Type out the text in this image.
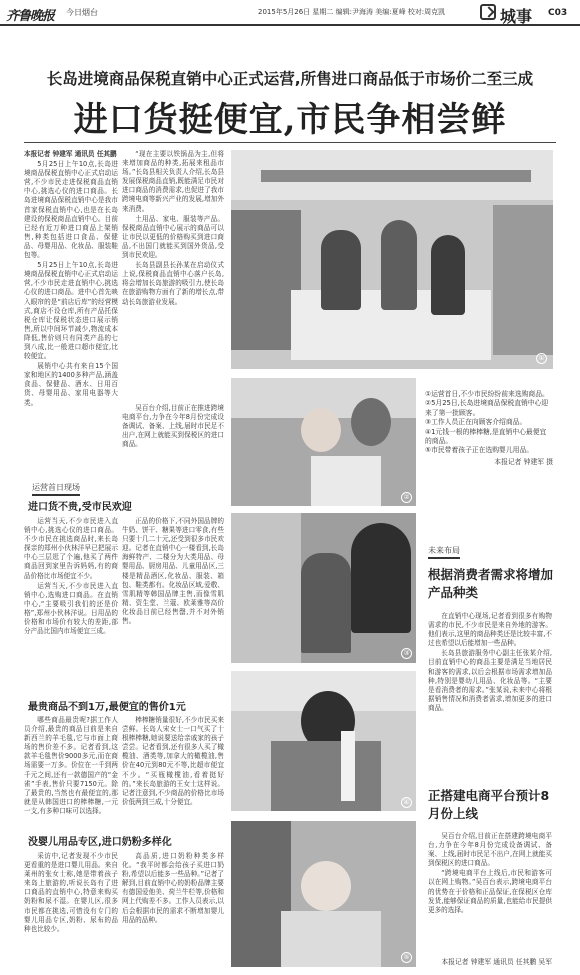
齐鲁晚报 今日烟台	2015年5月26日 星期二 编辑:尹海涛 美编:夏峰 校对:周克凯	城事 C03
长岛进境商品保税直销中心正式运营,所售进口商品低于市场价二至三成
进口货挺便宜,市民争相尝鲜

本报记者 钟建军 通讯员 任其鹏

5月25日上午10点,长岛进境商品保税直销中心正式启动运营,不少市民走进保税商品直销中心,挑选心仪的进口商品。长岛进境商品保税直销中心是我市首家保税直销中心,也是在长岛建设的保税商品直销中心。目前已经有近万种进口商品上架销售,种类包括进口食品、保健品、母婴用品、化妆品、服装鞋包等。

5月25日上午10点,长岛进境商品保税直销中心正式启动运营,不少市民走进直销中心,挑选心仪的进口商品。进中心首先映入眼帘的是“前店后库”的经营模式,商店不设仓库,所有产品托保税仓库让保税状态进口展示销售,所以中间环节减少,物流成本降低,售价则只有同类产品的七到八成,比一般进口超市便宜,比较便宜。

展销中心共有来自15个国家和地区的1400多种产品,涵盖食品、保健品、酒水、日用百货、母婴用品、家用电器等大类。

“现在主要以铁锅品为主,但将来增加商品的种类,拓展来租品市场。”长岛县相关负责人介绍,长岛县发展保税商品直销,既能满足市民对进口商品的消费需求,也促进了我市跨境电商等新兴产业的发展,增加外来消费。

土用品、家电、服装等产品。保税商品直销中心展示的商品可以让市民以更低的价格购买到进口商品,不出国门就能买到国外货品,受到市民欢迎。

长岛县副县长孙某在启动仪式上说,保税商品直销中心落户长岛,将会增加长岛旅游的吸引力,使长岛在旅游购物方面有了新的增长点,带动长岛旅游业发展。

吴百台介绍,目前正在推进跨境电商平台,力争在今年8月份完成设备调试、备案、上线,届时市民足不出户,在网上就能买到保税区的进口商品。

①
②
①运营首日,不少市民纷纷前来选购商品。
②5月25日,长岛进境商品保税直销中心迎来了第一批顾客。
③工作人员正在向顾客介绍商品。
④1元钱一根的棒棒糖,是直销中心最便宜的商品。
⑤市民带着孩子正在选购婴儿用品。
本报记者 钟建军 摄
运营首日现场
进口货不贵,受市民欢迎

运营当天,不少市民进入直销中心,挑选心仪的进口商品。不少市民在挑选商品时,来长岛探亲的郑州小伙林洋早已把展示中心三层逛了个遍,他买了两件商品回到家里告诉妈妈,有的商品价格比市场便宜不少。

运营当天,不少市民进入直销中心,选购进口商品。在直销中心,“主要吸引我们的还是价格”,郑州小伙林洋说。日用品的价格和市场价有较大的差距,部分产品比国内市场便宜三成。

正品的价格下,不同外国品牌的牛奶、饼干、糖果等进口零食,有些只要十几二十元,还受到很多市民欢迎。记者在直销中心一楼看到,长岛海鲜特产、二楼分为大类用品、母婴用品、厨房用品、儿童用品区,三楼是精品酒区,化妆品、服装、箱包、鞋类都有。化妆品区域,爱敬、雪肌精等韩国品牌主售,而像雪肌精、资生堂、兰蔻、欧莱雅等高价化妆品目前已经售罄,并不对外销售。

③
最贵商品不到1万,最便宜的售价1元

哪些商品最贵呢?据工作人员介绍,最贵的商品目前是来自新西兰的羊毛毯,它与市面上商场的售价差不多。记者看到,这款羊毛毯售价9000多元,而在商场需要一万多。价位在一千到两千元之间,还有一款德国产的“金雀”手表,售价只要7150元。除了最贵的,当然也有最便宜的,那就是从韩国进口的棒棒糖,一元一支,有多种口味可以选择。

棒棒糖销量很好,不少市民买来尝鲜。长岛人宋女士一口气买了十根棒棒糖,她说要送给亲戚家的孩子尝尝。记者看到,还有很多人买了橄榄油、酒类等,加拿大的橄榄油,售价在40元到80元不等,比超市便宜不少。“买瓶橄榄油,看着挺好的。”来长岛旅游的王女士这样说。记者注意到,不少商品的价格比市场价低两到三成,十分便宜。	④
没婴儿用品专区,进口奶粉多样化

采访中,记者发现不少市民更看重的是进口婴儿用品。来自莱州的张女士称,她是带着孩子来岛上旅游的,听说长岛有了进口商品的直销中心,特意来购买奶粉和尿不湿。在婴儿区,很多市民都在挑选,可惜没有专门的婴儿用品专区,奶粉、尿布的品种也比较少。

高品质,进口奶粉种类多样化。“我平时都会给孩子买进口奶粉,希望以后能多一些品种。”记者了解到,目前直销中心的奶粉品牌主要有德国爱他美、荷兰牛栏等,价格和网上代购差不多。工作人员表示,以后会根据市民的需求不断增加婴儿用品的品种。

⑤
未来布局
根据消费者需求将增加产品种类

在直销中心现场,记者看到很多有购物需求的市民,不少市民是来自外地的游客。他们表示,这里的商品种类还是比较丰富,不过也希望以后能增加一些品种。

长岛县旅游服务中心副主任张某介绍,目前直销中心的商品主要是满足当地居民和游客的需求,以后会根据市场需求增加品种,特别是婴幼儿用品、化妆品等。“主要是看消费者的需求。”张某说,未来中心将根据销售情况和消费者需求,增加更多的进口商品。

正搭建电商平台预计8月份上线

吴百台介绍,目前正在搭建跨境电商平台,力争在今年8月份完成设备调试、备案、上线,届时市民足不出户,在网上就能买到保税区的进口商品。

“跨境电商平台上线后,市民和游客可以在网上购物。”吴百台表示,跨境电商平台的优势在于价格和正品保证,在保税区仓库发货,能够保证商品的质量,也能给市民提供更多的选择。

本报记者 钟建军 通讯员 任其鹏 吴军
